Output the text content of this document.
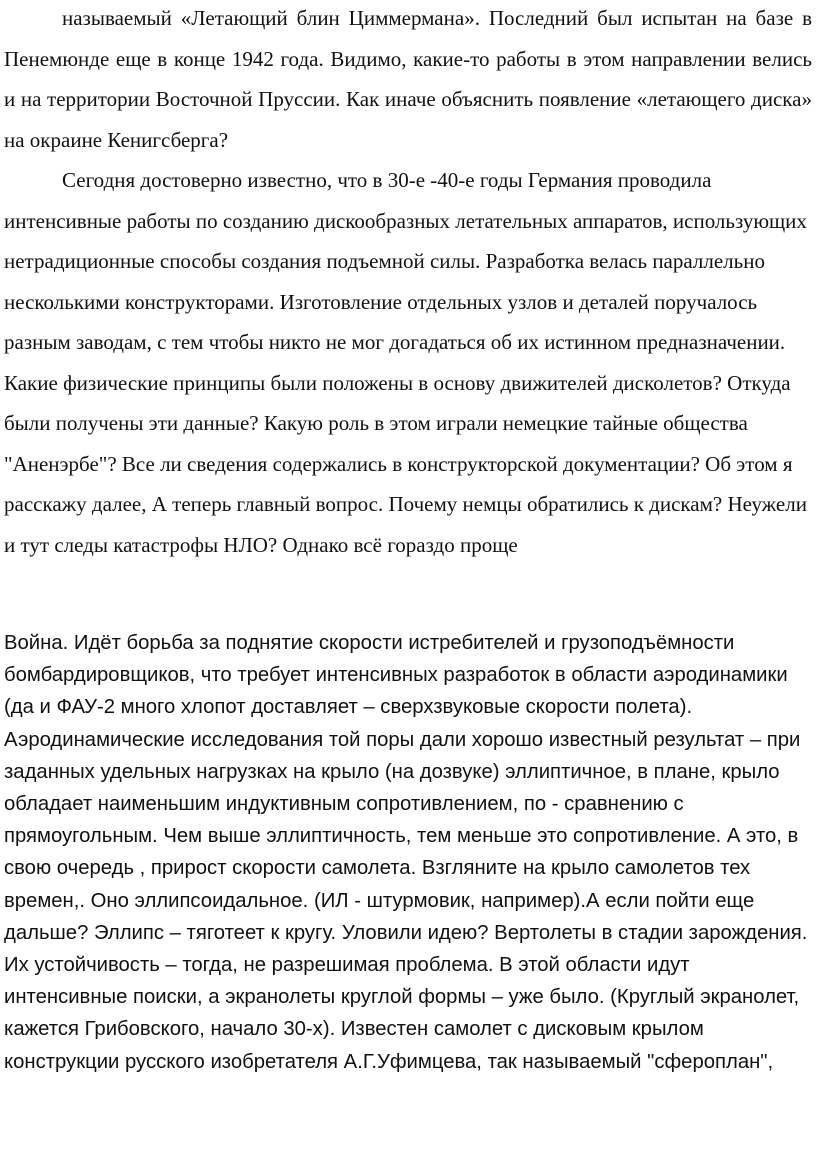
называемый «Летающий блин Циммермана». Последний был испытан на базе в Пенемюнде еще в конце 1942 года. Видимо, какие-то работы в этом направлении велись и на территории Восточной Пруссии. Как иначе объяснить появление «летающего диска» на окраине Кенигсберга?

Сегодня достоверно известно, что в 30-е -40-е годы Германия проводила интенсивные работы по созданию дискообразных летательных аппаратов, использующих нетрадиционные способы создания подъемной силы. Разработка велась параллельно несколькими конструкторами. Изготовление отдельных узлов и деталей поручалось разным заводам, с тем чтобы никто не мог догадаться об их истинном предназначении. Какие физические принципы были положены в основу движителей дисколетов? Откуда были получены эти данные? Какую роль в этом играли немецкие тайные общества "Аненэрбе"? Все ли сведения содержались в конструкторской документации? Об этом я расскажу далее, А теперь главный вопрос. Почему немцы обратились к дискам? Неужели и тут следы катастрофы НЛО? Однако всё гораздо проще

Война. Идёт борьба за поднятие скорости истребителей и грузоподъёмности бомбардировщиков, что требует интенсивных разработок в области аэродинамики (да и ФАУ-2 много хлопот доставляет – сверхзвуковые скорости полета). Аэродинамические исследования той поры дали хорошо известный результат – при заданных удельных нагрузках на крыло (на дозвуке) эллиптичное, в плане, крыло обладает наименьшим индуктивным сопротивлением, по - сравнению с прямоугольным. Чем выше эллиптичность, тем меньше это сопротивление. А это, в свою очередь , прирост скорости самолета. Взгляните на крыло самолетов тех времен,. Оно эллипсоидальное. (ИЛ - штурмовик, например).А если пойти еще дальше? Эллипс – тяготеет к кругу. Уловили идею? Вертолеты в стадии зарождения. Их устойчивость – тогда, не разрешимая проблема. В этой области идут интенсивные поиски, а экранолеты круглой формы – уже было. (Круглый экранолет, кажется Грибовского, начало 30-х). Известен самолет с дисковым крылом конструкции русского изобретателя А.Г.Уфимцева, так называемый "сфероплан",
